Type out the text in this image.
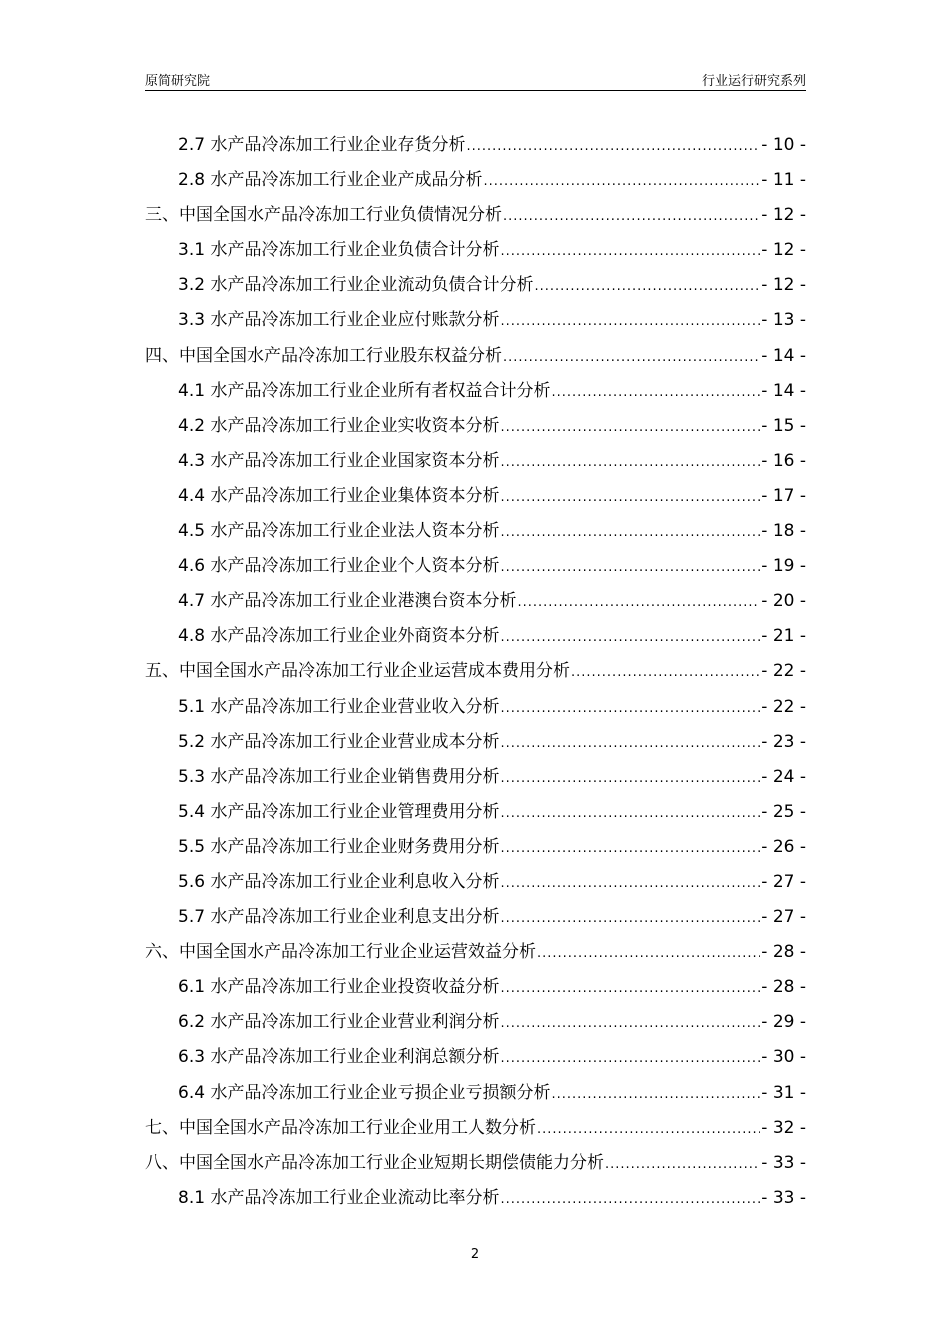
原简研究院	行业运行研究系列
2.7 水产品冷冻加工行业企业存货分析 .....	- 10 -
2.8 水产品冷冻加工行业企业产成品分析 .....	- 11 -
三、中国全国水产品冷冻加工行业负债情况分析 .....	- 12 -
3.1 水产品冷冻加工行业企业负债合计分析 .....	- 12 -
3.2 水产品冷冻加工行业企业流动负债合计分析 .....	- 12 -
3.3 水产品冷冻加工行业企业应付账款分析 .....	- 13 -
四、中国全国水产品冷冻加工行业股东权益分析 .....	- 14 -
4.1 水产品冷冻加工行业企业所有者权益合计分析 .....	- 14 -
4.2 水产品冷冻加工行业企业实收资本分析 .....	- 15 -
4.3 水产品冷冻加工行业企业国家资本分析 .....	- 16 -
4.4 水产品冷冻加工行业企业集体资本分析 .....	- 17 -
4.5 水产品冷冻加工行业企业法人资本分析 .....	- 18 -
4.6 水产品冷冻加工行业企业个人资本分析 .....	- 19 -
4.7 水产品冷冻加工行业企业港澳台资本分析 .....	- 20 -
4.8 水产品冷冻加工行业企业外商资本分析 .....	- 21 -
五、中国全国水产品冷冻加工行业企业运营成本费用分析 .....	- 22 -
5.1 水产品冷冻加工行业企业营业收入分析 .....	- 22 -
5.2 水产品冷冻加工行业企业营业成本分析 .....	- 23 -
5.3 水产品冷冻加工行业企业销售费用分析 .....	- 24 -
5.4 水产品冷冻加工行业企业管理费用分析 .....	- 25 -
5.5 水产品冷冻加工行业企业财务费用分析 .....	- 26 -
5.6 水产品冷冻加工行业企业利息收入分析 .....	- 27 -
5.7 水产品冷冻加工行业企业利息支出分析 .....	- 27 -
六、中国全国水产品冷冻加工行业企业运营效益分析 .....	- 28 -
6.1 水产品冷冻加工行业企业投资收益分析 .....	- 28 -
6.2 水产品冷冻加工行业企业营业利润分析 .....	- 29 -
6.3 水产品冷冻加工行业企业利润总额分析 .....	- 30 -
6.4 水产品冷冻加工行业企业亏损企业亏损额分析 .....	- 31 -
七、中国全国水产品冷冻加工行业企业用工人数分析 .....	- 32 -
八、中国全国水产品冷冻加工行业企业短期长期偿债能力分析 .....	- 33 -
8.1 水产品冷冻加工行业企业流动比率分析 .....	- 33 -
2
